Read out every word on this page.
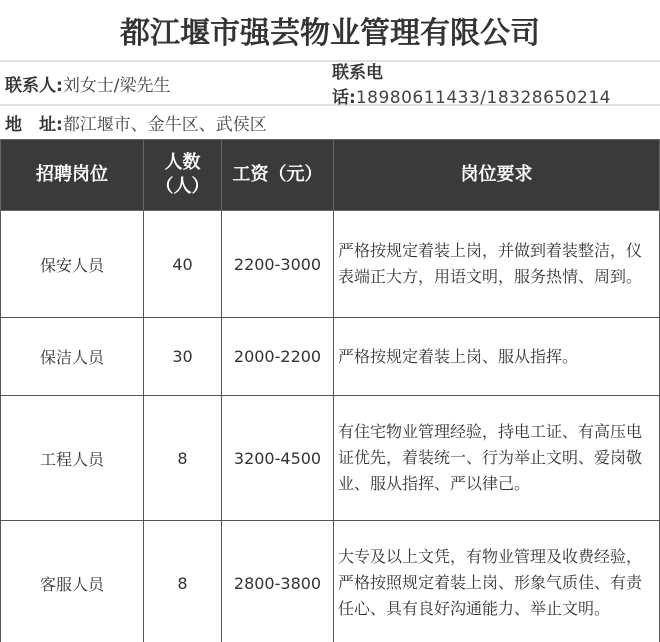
都江堰市强芸物业管理有限公司
联系人: 刘女士/梁先生
联系电话:18980611433/18328650214
地　址: 都江堰市、金牛区、武侯区
招聘岗位	人数（人）	工资（元）	岗位要求
保安人员	40	2200-3000	严格按规定着装上岗，并做到着装整洁，仪表端正大方，用语文明，服务热情、周到。
保洁人员	30	2000-2200	严格按规定着装上岗、服从指挥。
工程人员	8	3200-4500	有住宅物业管理经验，持电工证、有高压电证优先，着装统一、行为举止文明、爱岗敬业、服从指挥、严以律己。
客服人员	8	2800-3800	大专及以上文凭，有物业管理及收费经验，严格按照规定着装上岗、形象气质佳、有责任心、具有良好沟通能力、举止文明。
